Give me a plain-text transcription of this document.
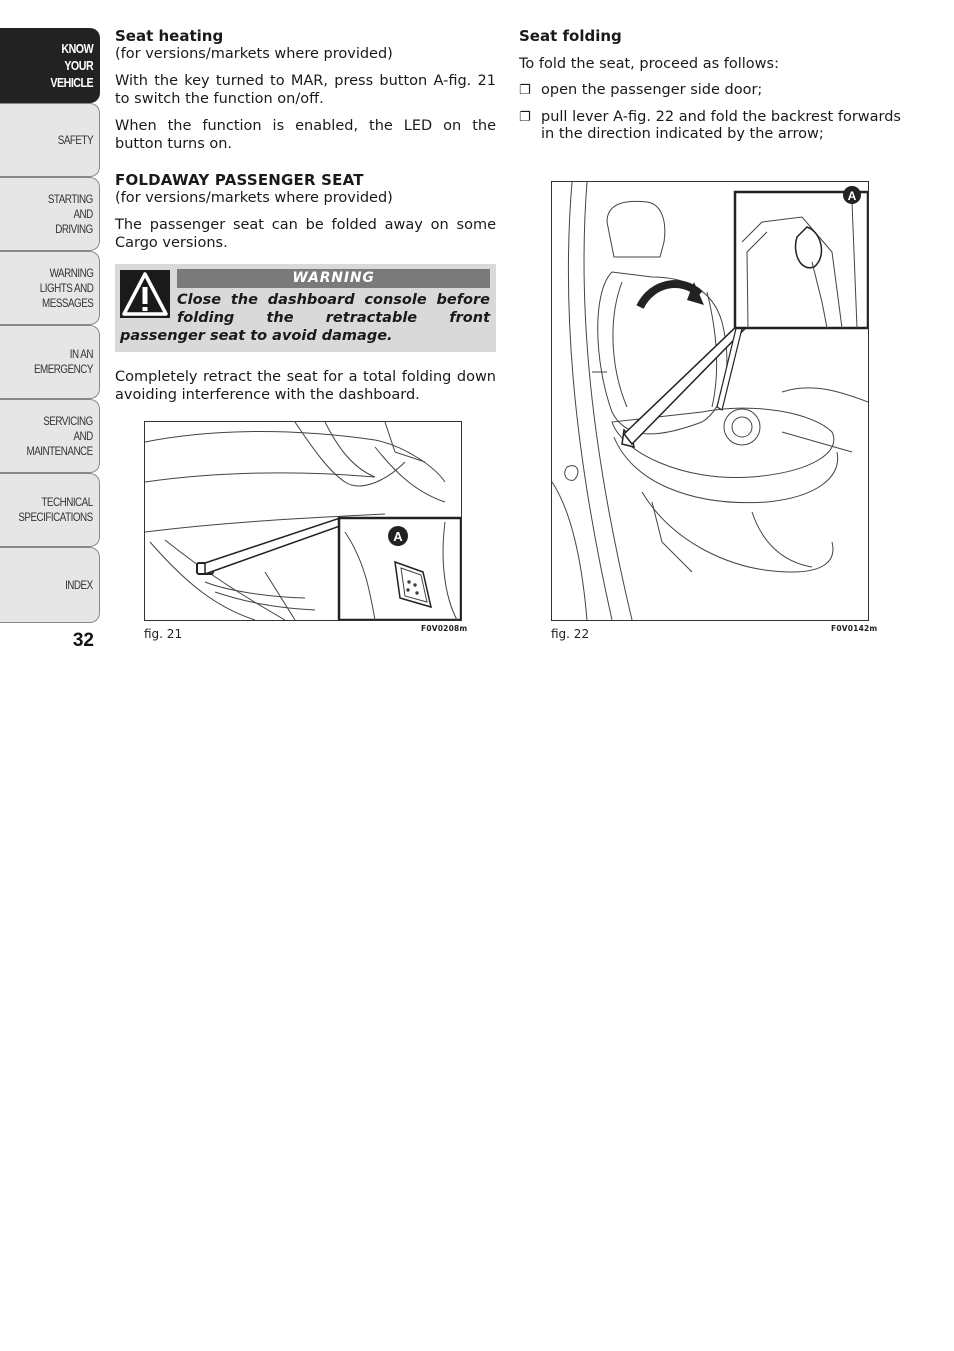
KNOW
YOUR
VEHICLE
SAFETY
STARTING
AND
DRIVING
WARNING
LIGHTS AND
MESSAGES
IN AN
EMERGENCY
SERVICING
AND
MAINTENANCE
TECHNICAL
SPECIFICATIONS
INDEX
32

Seat heating

(for versions/markets where provided)

With the key turned to MAR, press button A-fig. 21 to switch the function on/off.

When the function is enabled, the LED on the button turns on.

FOLDAWAY PASSENGER SEAT

(for versions/markets where provided)

The passenger seat can be folded away on some Cargo versions.

WARNING
Close the dashboard console before folding the retractable front passenger seat to avoid damage.

Completely retract the seat for a total folding down avoiding interference with the dashboard.

Seat folding

To fold the seat, proceed as follows:

❐ open the passenger side door;
❐ pull lever A-fig. 22 and fold the backrest forwards in the direction indicated by the arrow;
A
fig. 21	F0V0208m
A
fig. 22	F0V0142m
